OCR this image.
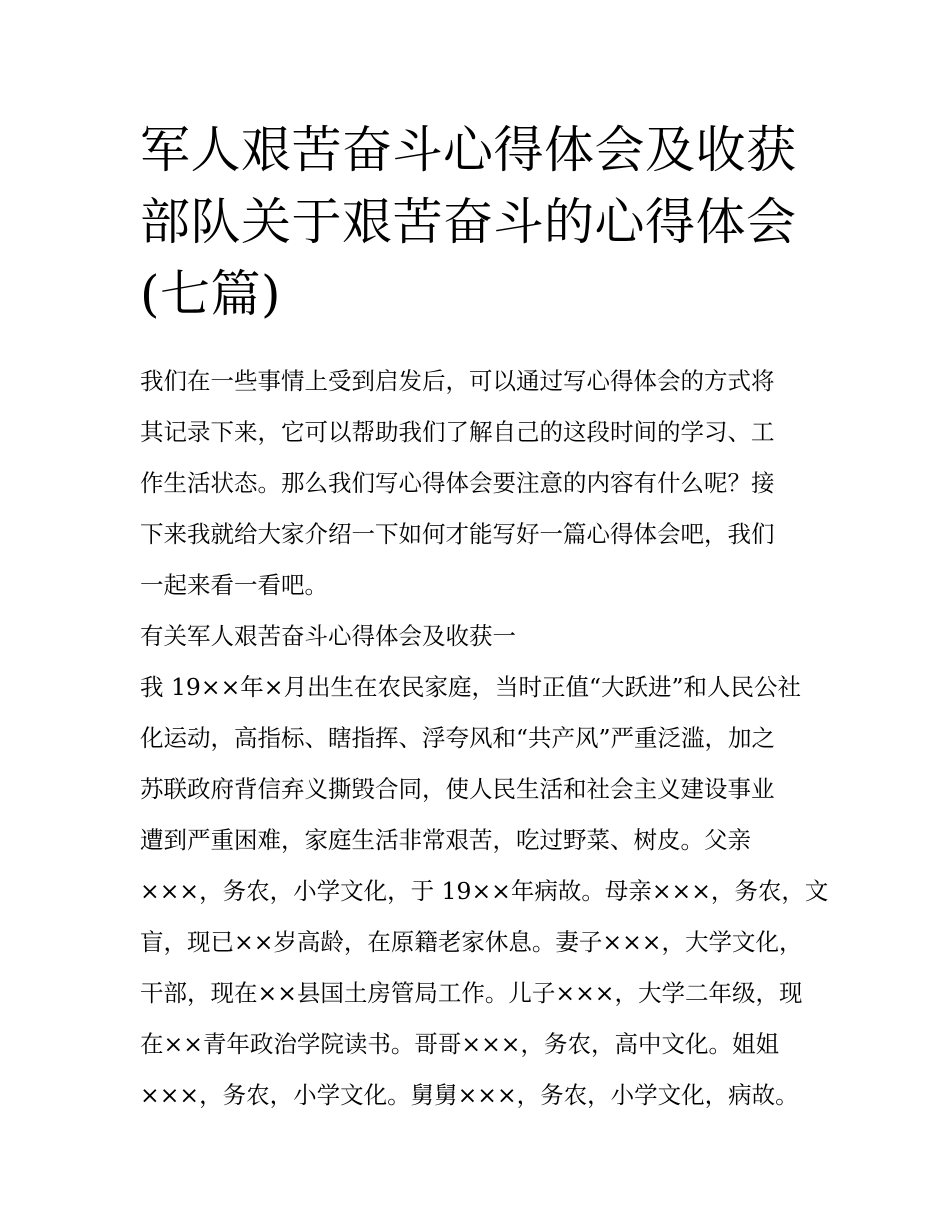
军人艰苦奋斗心得体会及收获
部队关于艰苦奋斗的心得体会
(七篇)

我们在一些事情上受到启发后，可以通过写心得体会的方式将
其记录下来，它可以帮助我们了解自己的这段时间的学习、工
作生活状态。那么我们写心得体会要注意的内容有什么呢？接
下来我就给大家介绍一下如何才能写好一篇心得体会吧，我们
一起来看一看吧。

有关军人艰苦奋斗心得体会及收获一

我 19××年×月出生在农民家庭，当时正值“大跃进”和人民公社
化运动，高指标、瞎指挥、浮夸风和“共产风”严重泛滥，加之
苏联政府背信弃义撕毁合同，使人民生活和社会主义建设事业
遭到严重困难，家庭生活非常艰苦，吃过野菜、树皮。父亲
×××，务农，小学文化，于 19××年病故。母亲×××，务农，文
盲，现已××岁高龄，在原籍老家休息。妻子×××，大学文化，
干部，现在××县国土房管局工作。儿子×××，大学二年级，现
在××青年政治学院读书。哥哥×××，务农，高中文化。姐姐
×××，务农，小学文化。舅舅×××，务农，小学文化，病故。
